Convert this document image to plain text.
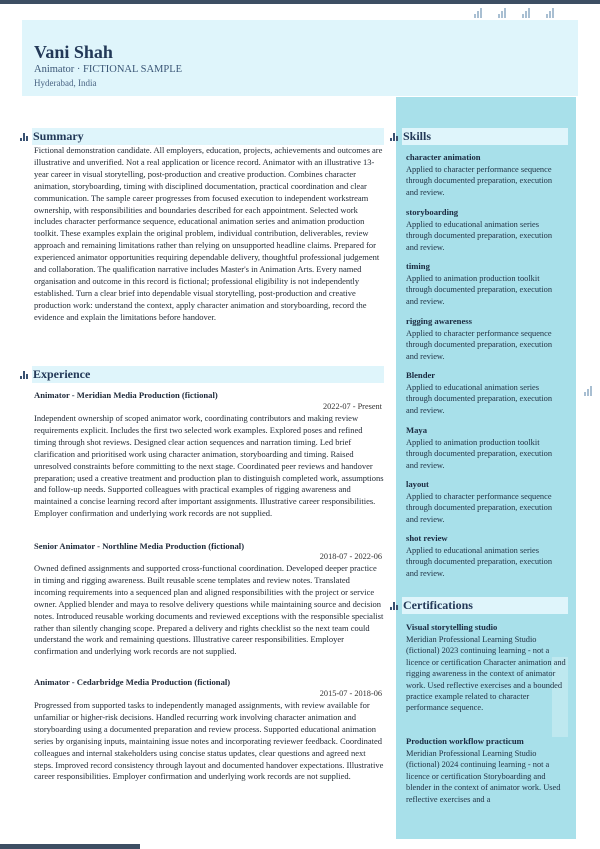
Vani Shah
Animator · FICTIONAL SAMPLE
Hyderabad, India
Summary
Fictional demonstration candidate. All employers, education, projects, achievements and outcomes are illustrative and unverified. Not a real application or licence record. Animator with an illustrative 13-year career in visual storytelling, post-production and creative production. Combines character animation, storyboarding, timing with disciplined documentation, practical coordination and clear communication. The sample career progresses from focused execution to independent workstream ownership, with responsibilities and boundaries described for each appointment. Selected work includes character performance sequence, educational animation series and animation production toolkit. These examples explain the original problem, individual contribution, deliverables, review approach and remaining limitations rather than relying on unsupported headline claims. Prepared for experienced animator opportunities requiring dependable delivery, thoughtful professional judgement and collaboration. The qualification narrative includes Master's in Animation Arts. Every named organisation and outcome in this record is fictional; professional eligibility is not independently established. Turn a clear brief into dependable visual storytelling, post-production and creative production work: understand the context, apply character animation and storyboarding, record the evidence and explain the limitations before handover.
Experience
Animator - Meridian Media Production (fictional)
2022-07 - Present
Independent ownership of scoped animator work, coordinating contributors and making review requirements explicit. Includes the first two selected work examples. Explored poses and refined timing through shot reviews. Designed clear action sequences and narration timing. Led brief clarification and prioritised work using character animation, storyboarding and timing. Raised unresolved constraints before committing to the next stage. Coordinated peer reviews and handover preparation; used a creative treatment and production plan to distinguish completed work, assumptions and follow-up needs. Supported colleagues with practical examples of rigging awareness and maintained a concise learning record after important assignments. Illustrative career responsibilities. Employer confirmation and underlying work records are not supplied.
Senior Animator - Northline Media Production (fictional)
2018-07 - 2022-06
Owned defined assignments and supported cross-functional coordination. Developed deeper practice in timing and rigging awareness. Built reusable scene templates and review notes. Translated incoming requirements into a sequenced plan and aligned responsibilities with the project or service owner. Applied blender and maya to resolve delivery questions while maintaining source and decision notes. Introduced reusable working documents and reviewed exceptions with the responsible specialist rather than silently changing scope. Prepared a delivery and rights checklist so the next team could understand the work and remaining questions. Illustrative career responsibilities. Employer confirmation and underlying work records are not supplied.
Animator - Cedarbridge Media Production (fictional)
2015-07 - 2018-06
Progressed from supported tasks to independently managed assignments, with review available for unfamiliar or higher-risk decisions. Handled recurring work involving character animation and storyboarding using a documented preparation and review process. Supported educational animation series by organising inputs, maintaining issue notes and incorporating reviewer feedback. Coordinated colleagues and internal stakeholders using concise status updates, clear questions and agreed next steps. Improved record consistency through layout and documented handover expectations. Illustrative career responsibilities. Employer confirmation and underlying work records are not supplied.
Skills
character animation
Applied to character performance sequence through documented preparation, execution and review.
storyboarding
Applied to educational animation series through documented preparation, execution and review.
timing
Applied to animation production toolkit through documented preparation, execution and review.
rigging awareness
Applied to character performance sequence through documented preparation, execution and review.
Blender
Applied to educational animation series through documented preparation, execution and review.
Maya
Applied to animation production toolkit through documented preparation, execution and review.
layout
Applied to character performance sequence through documented preparation, execution and review.
shot review
Applied to educational animation series through documented preparation, execution and review.
Certifications
Visual storytelling studio
Meridian Professional Learning Studio (fictional) 2023 continuing learning - not a licence or certification Character animation and rigging awareness in the context of animator work. Used reflective exercises and a bounded practice example related to character performance sequence.
Production workflow practicum
Meridian Professional Learning Studio (fictional) 2024 continuing learning - not a licence or certification Storyboarding and blender in the context of animator work. Used reflective exercises and a
